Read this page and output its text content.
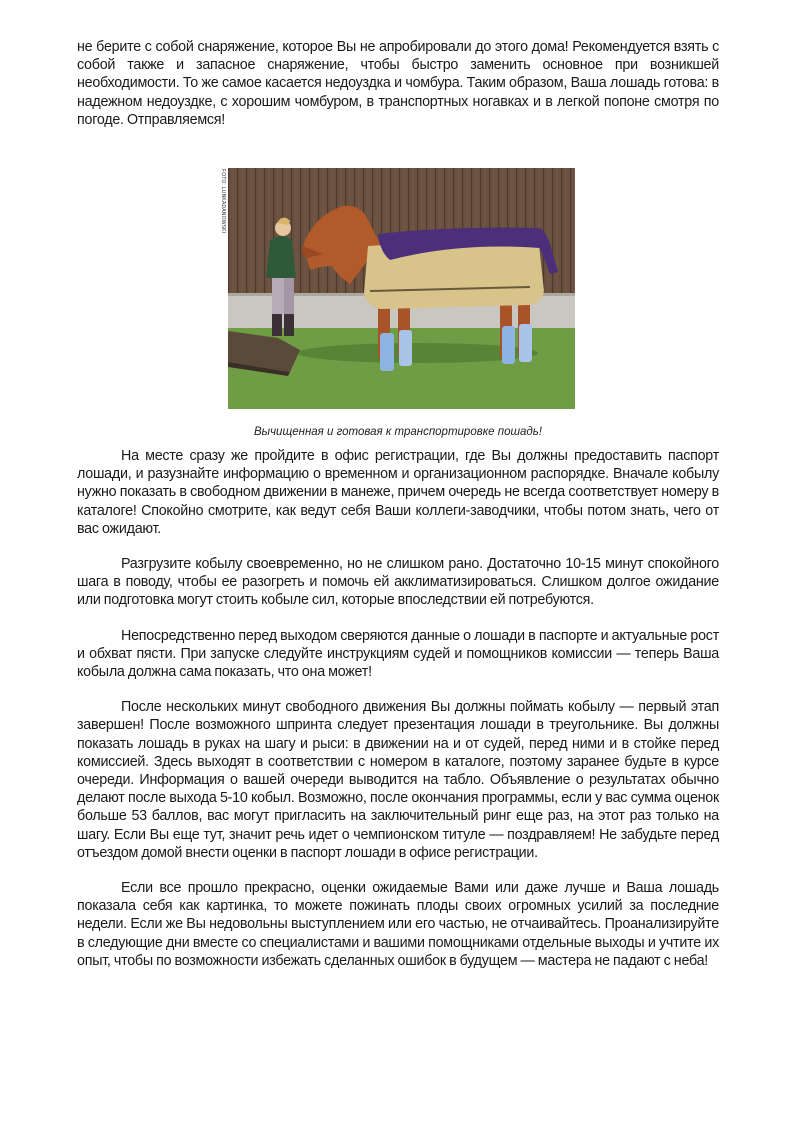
не берите с собой снаряжение, которое Вы не апробировали до этого дома! Рекомендуется взять с собой также и запасное снаряжение, чтобы быстро заменить основное при возникшей необходимости. То же самое касается недоуздка и чомбура. Таким образом, Ваша лошадь готова: в надежном недоуздке, с хорошим чомбуром, в транспортных ногавках и в легкой попоне смотря по погоде. Отправляемся!

FOTO: LUNKADANOWSKI
Вычищенная и готовая к транспортировке пошадь!

На месте сразу же пройдите в офис регистрации, где Вы должны предоставить паспорт лошади, и разузнайте информацию о временном и организационном распорядке. Вначале кобылу нужно показать в свободном движении в манеже, причем очередь не всегда соответствует номеру в каталоге! Спокойно смотрите, как ведут себя Ваши коллеги-заводчики, чтобы потом знать, чего от вас ожидают.

Разгрузите кобылу своевременно, но не слишком рано. Достаточно 10-15 минут спокойного шага в поводу, чтобы ее разогреть и помочь ей акклиматизироваться. Слишком долгое ожидание или подготовка могут стоить кобыле сил, которые впоследствии ей потребуются.

Непосредственно перед выходом сверяются данные о лошади в паспорте и актуальные рост и обхват пясти. При запуске следуйте инструкциям судей и помощников комиссии — теперь Ваша кобыла должна сама показать, что она может!

После нескольких минут свободного движения Вы должны поймать кобылу — первый этап завершен! После возможного шпринта следует презентация лошади в треугольнике. Вы должны показать лошадь в руках на шагу и рыси: в движении на и от судей, перед ними и в стойке перед комиссией. Здесь выходят в соответствии с номером в каталоге, поэтому заранее будьте в курсе очереди. Информация о вашей очереди выводится на табло. Объявление о результатах обычно делают после выхода 5-10 кобыл. Возможно, после окончания программы, если у вас сумма оценок больше 53 баллов, вас могут пригласить на заключительный ринг еще раз, на этот раз только на шагу. Если Вы еще тут, значит речь идет о чемпионском титуле — поздравляем! Не забудьте перед отъездом домой внести оценки в паспорт лошади в офисе регистрации.

Если все прошло прекрасно, оценки ожидаемые Вами или даже лучше и Ваша лошадь показала себя как картинка, то можете пожинать плоды своих огромных усилий за последние недели. Если же Вы недовольны выступлением или его частью, не отчаивайтесь. Проанализируйте в следующие дни вместе со специалистами и вашими помощниками отдельные выходы и учтите их опыт, чтобы по возможности избежать сделанных ошибок в будущем — мастера не падают с неба!
